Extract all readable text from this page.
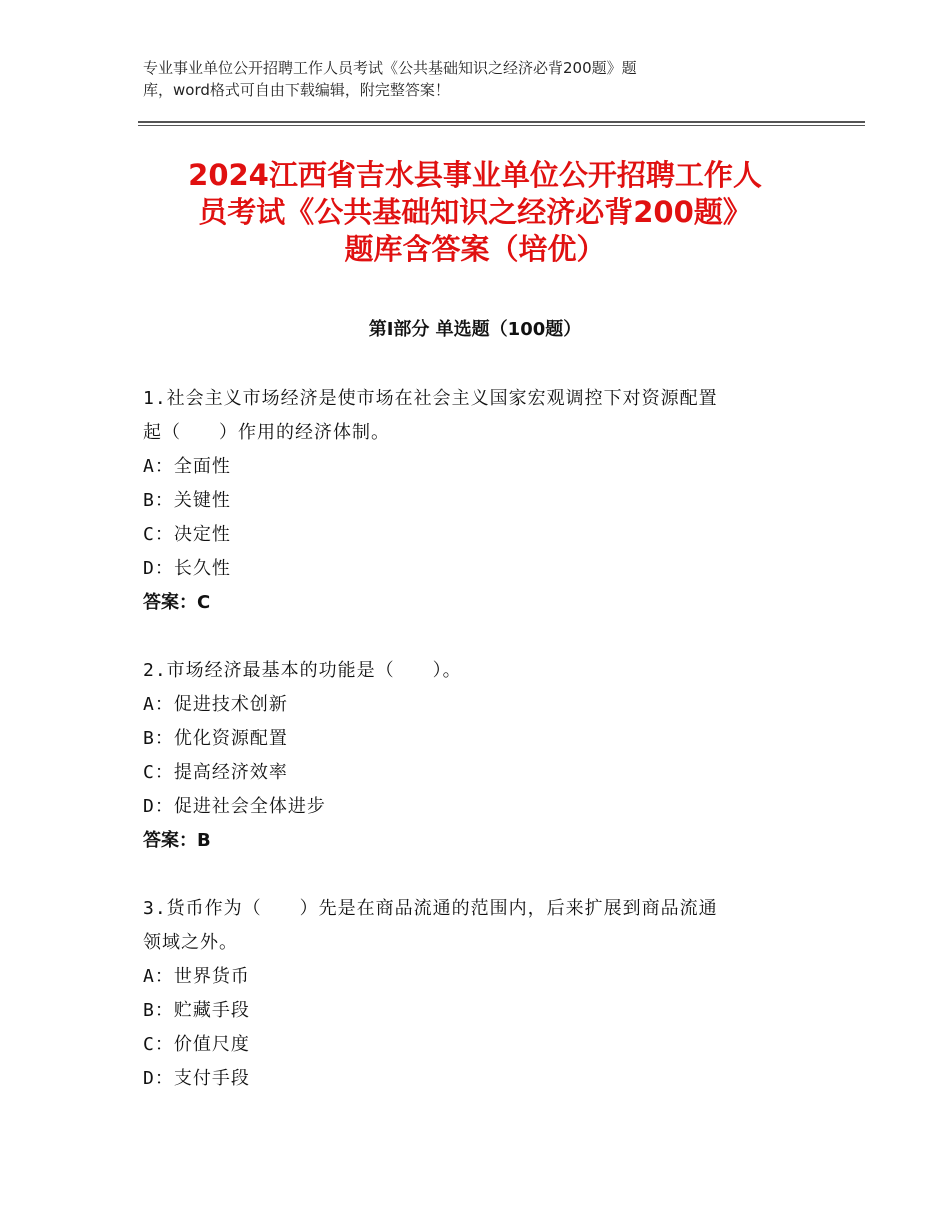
专业事业单位公开招聘工作人员考试《公共基础知识之经济必背200题》题
库，word格式可自由下载编辑，附完整答案！
2024江西省吉水县事业单位公开招聘工作人
员考试《公共基础知识之经济必背200题》
题库含答案（培优）
第Ⅰ部分 单选题（100题）

1.社会主义市场经济是使市场在社会主义国家宏观调控下对资源配置

起（　　）作用的经济体制。

A：全面性

B：关键性

C：决定性

D：长久性

答案：C

2.市场经济最基本的功能是（　　）。

A：促进技术创新

B：优化资源配置

C：提高经济效率

D：促进社会全体进步

答案：B

3.货币作为（　　）先是在商品流通的范围内，后来扩展到商品流通

领域之外。

A：世界货币

B：贮藏手段

C：价值尺度

D：支付手段
